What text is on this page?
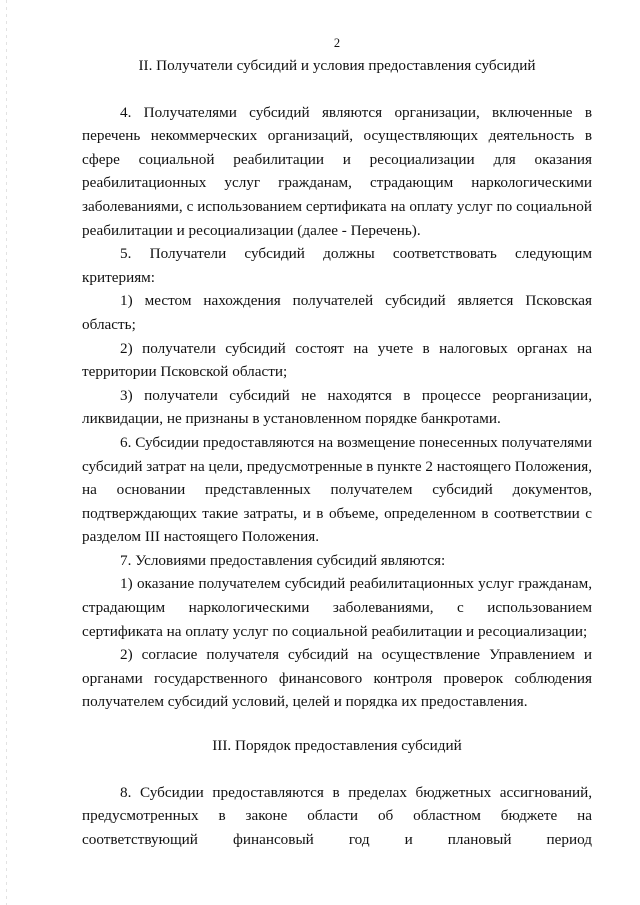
2
II. Получатели субсидий и условия предоставления субсидий

4. Получателями субсидий являются организации, включенные в перечень некоммерческих организаций, осуществляющих деятельность в сфере социальной реабилитации и ресоциализации для оказания реабилитационных услуг гражданам, страдающим наркологическими заболеваниями, с использованием сертификата на оплату услуг по социальной реабилитации и ресоциализации (далее - Перечень).

5. Получатели субсидий должны соответствовать следующим критериям:

1) местом нахождения получателей субсидий является Псковская область;

2) получатели субсидий состоят на учете в налоговых органах на территории Псковской области;

3) получатели субсидий не находятся в процессе реорганизации, ликвидации, не признаны в установленном порядке банкротами.

6. Субсидии предоставляются на возмещение понесенных получателями субсидий затрат на цели, предусмотренные в пункте 2 настоящего Положения, на основании представленных получателем субсидий документов, подтверждающих такие затраты, и в объеме, определенном в соответствии с разделом III настоящего Положения.

7. Условиями предоставления субсидий являются:

1) оказание получателем субсидий реабилитационных услуг гражданам, страдающим наркологическими заболеваниями, с использованием сертификата на оплату услуг по социальной реабилитации и ресоциализации;

2) согласие получателя субсидий на осуществление Управлением и органами государственного финансового контроля проверок соблюдения получателем субсидий условий, целей и порядка их предоставления.

III. Порядок предоставления субсидий

8. Субсидии предоставляются в пределах бюджетных ассигнований, предусмотренных в законе области об областном бюджете на соответствующий финансовый год и плановый период
